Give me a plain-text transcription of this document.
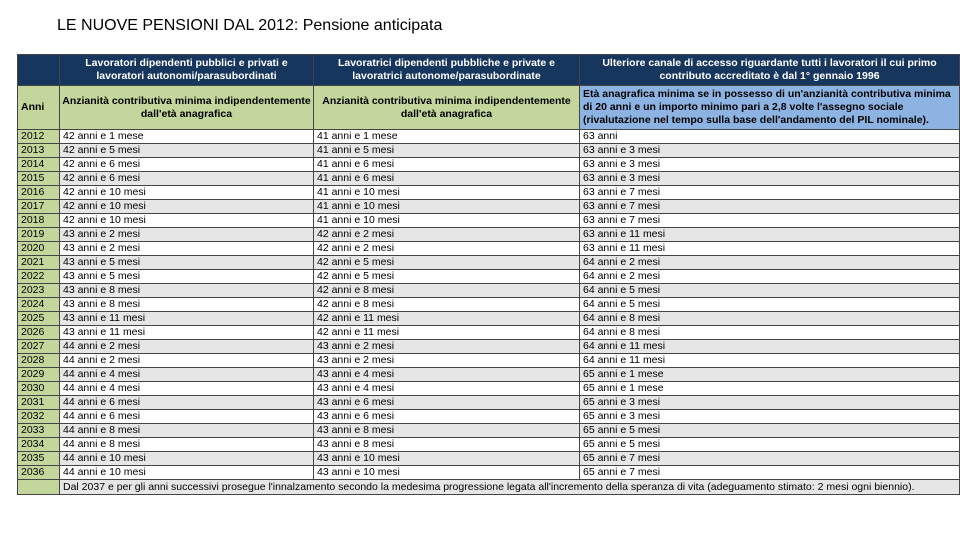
LE NUOVE PENSIONI DAL 2012: Pensione anticipata
	Lavoratori dipendenti pubblici e privati e lavoratori autonomi/parasubordinati	Lavoratrici dipendenti pubbliche e private e lavoratrici autonome/parasubordinate	Ulteriore canale di accesso riguardante tutti i lavoratori il cui primo contributo accreditato è dal 1° gennaio 1996
Anni	Anzianità contributiva minima indipendentemente dall'età anagrafica	Anzianità contributiva minima indipendentemente dall'età anagrafica	Età anagrafica minima se in possesso di un'anzianità contributiva minima di 20 anni e un importo minimo pari a 2,8 volte l'assegno sociale (rivalutazione nel tempo sulla base dell'andamento del PIL nominale).
2012	42 anni e 1 mese	41 anni e 1 mese	63 anni
2013	42 anni e 5 mesi	41 anni e 5 mesi	63 anni e 3 mesi
2014	42 anni e 6 mesi	41 anni e 6 mesi	63 anni e 3 mesi
2015	42 anni e 6 mesi	41 anni e 6 mesi	63 anni e 3 mesi
2016	42 anni e 10 mesi	41 anni e 10 mesi	63 anni e 7 mesi
2017	42 anni e 10 mesi	41 anni e 10 mesi	63 anni e 7 mesi
2018	42 anni e 10 mesi	41 anni e 10 mesi	63 anni e 7 mesi
2019	43 anni e 2 mesi	42 anni e 2 mesi	63 anni e 11 mesi
2020	43 anni e 2 mesi	42 anni e 2 mesi	63 anni e 11 mesi
2021	43 anni e 5 mesi	42 anni e 5 mesi	64 anni e 2 mesi
2022	43 anni e 5 mesi	42 anni e 5 mesi	64 anni e 2 mesi
2023	43 anni e 8 mesi	42 anni e 8 mesi	64 anni e 5 mesi
2024	43 anni e 8 mesi	42 anni e 8 mesi	64 anni e 5 mesi
2025	43 anni e 11 mesi	42 anni e 11 mesi	64 anni e 8 mesi
2026	43 anni e 11 mesi	42 anni e 11 mesi	64 anni e 8 mesi
2027	44 anni e 2 mesi	43 anni e 2 mesi	64 anni e 11 mesi
2028	44 anni e 2 mesi	43 anni e 2 mesi	64 anni e 11 mesi
2029	44 anni e 4 mesi	43 anni e 4 mesi	65 anni e 1 mese
2030	44 anni e 4 mesi	43 anni e 4 mesi	65 anni e 1 mese
2031	44 anni e 6 mesi	43 anni e 6 mesi	65 anni e 3 mesi
2032	44 anni e 6 mesi	43 anni e 6 mesi	65 anni e 3 mesi
2033	44 anni e 8 mesi	43 anni e 8 mesi	65 anni e 5 mesi
2034	44 anni e 8 mesi	43 anni e 8 mesi	65 anni e 5 mesi
2035	44 anni e 10 mesi	43 anni e 10 mesi	65 anni e 7 mesi
2036	44 anni e 10 mesi	43 anni e 10 mesi	65 anni e 7 mesi
	Dal 2037 e per gli anni successivi prosegue l'innalzamento secondo la medesima progressione legata all'incremento della speranza di vita (adeguamento stimato: 2 mesi ogni biennio).		
